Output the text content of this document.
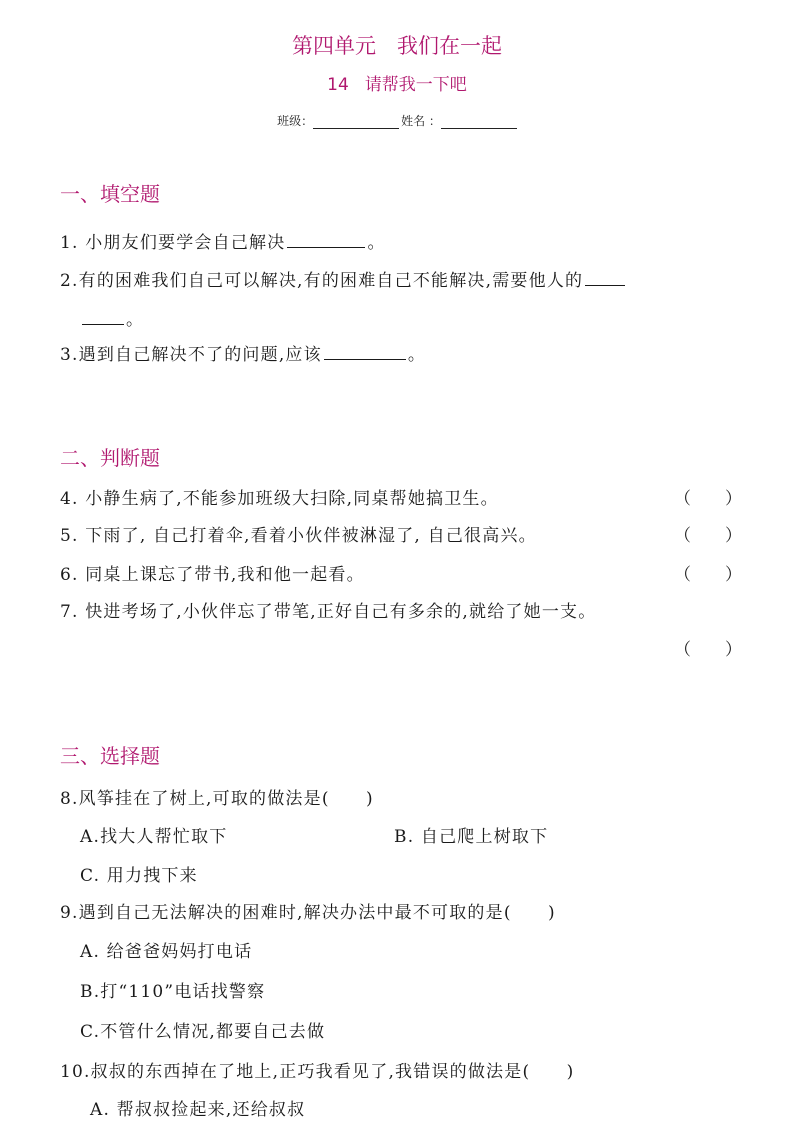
第四单元　我们在一起
14 请帮我一下吧
班级：	姓名 ：
一、填空题
1. 小朋友们要学会自己解决	。
2.有的困难我们自己可以解决,有的困难自己不能解决,需要他人的
。
3.遇到自己解决不了的问题,应该	。
二、判断题
4. 小静生病了,不能参加班级大扫除,同桌帮她搞卫生。	（　　）
5. 下雨了, 自己打着伞,看着小伙伴被淋湿了, 自己很高兴。	（　　）
6. 同桌上课忘了带书,我和他一起看。	（　　）
7. 快进考场了,小伙伴忘了带笔,正好自己有多余的,就给了她一支。
（　　）
三、选择题
8.风筝挂在了树上,可取的做法是(　　)
A.找大人帮忙取下	B. 自己爬上树取下
C. 用力拽下来
9.遇到自己无法解决的困难时,解决办法中最不可取的是(　　)
A. 给爸爸妈妈打电话
B.打“110”电话找警察
C.不管什么情况,都要自己去做
10.叔叔的东西掉在了地上,正巧我看见了,我错误的做法是(　　)
A. 帮叔叔捡起来,还给叔叔
